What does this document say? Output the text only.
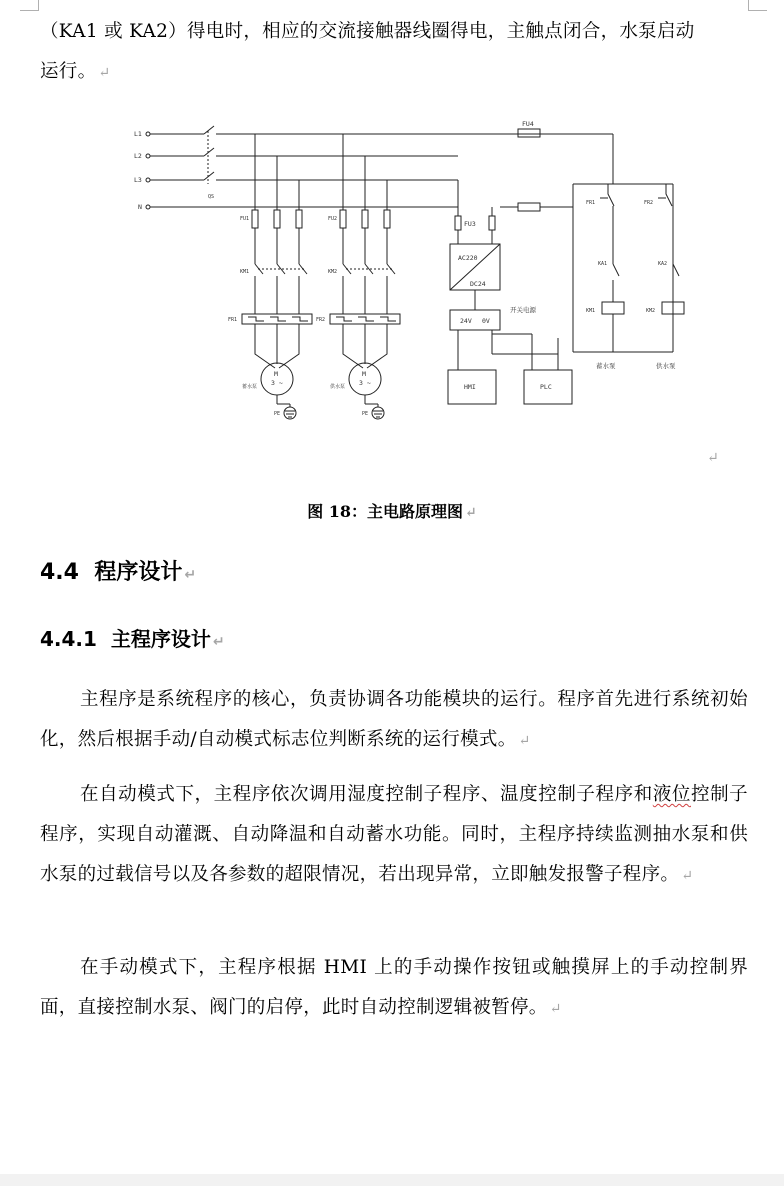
（KA1 或 KA2）得电时，相应的交流接触器线圈得电，主触点闭合，水泵启动
运行。 ↵
L1
L2
L3
N
QS
FU1	FU2
FU3
FU4
KM1	KM2
FR1	FR2
M
3 ~
M
3 ~
蓄水泵	供水泵
PE	PE
AC220
DC24
24V 0V
开关电源
HMI	PLC
FR1	FR2
KA1	KA2
KM1	KM2
蓄水泵	供水泵
↵
图 18：主电路原理图 ↵
4.4 程序设计 ↵
4.4.1 主程序设计 ↵
主程序是系统程序的核心，负责协调各功能模块的运行。程序首先进行系统初始化，然后根据手动/自动模式标志位判断系统的运行模式。 ↵
在自动模式下，主程序依次调用湿度控制子程序、温度控制子程序和液位控制子程序，实现自动灌溉、自动降温和自动蓄水功能。同时，主程序持续监测抽水泵和供水泵的过载信号以及各参数的超限情况，若出现异常，立即触发报警子程序。 ↵
在手动模式下，主程序根据 HMI 上的手动操作按钮或触摸屏上的手动控制界面，直接控制水泵、阀门的启停，此时自动控制逻辑被暂停。 ↵
